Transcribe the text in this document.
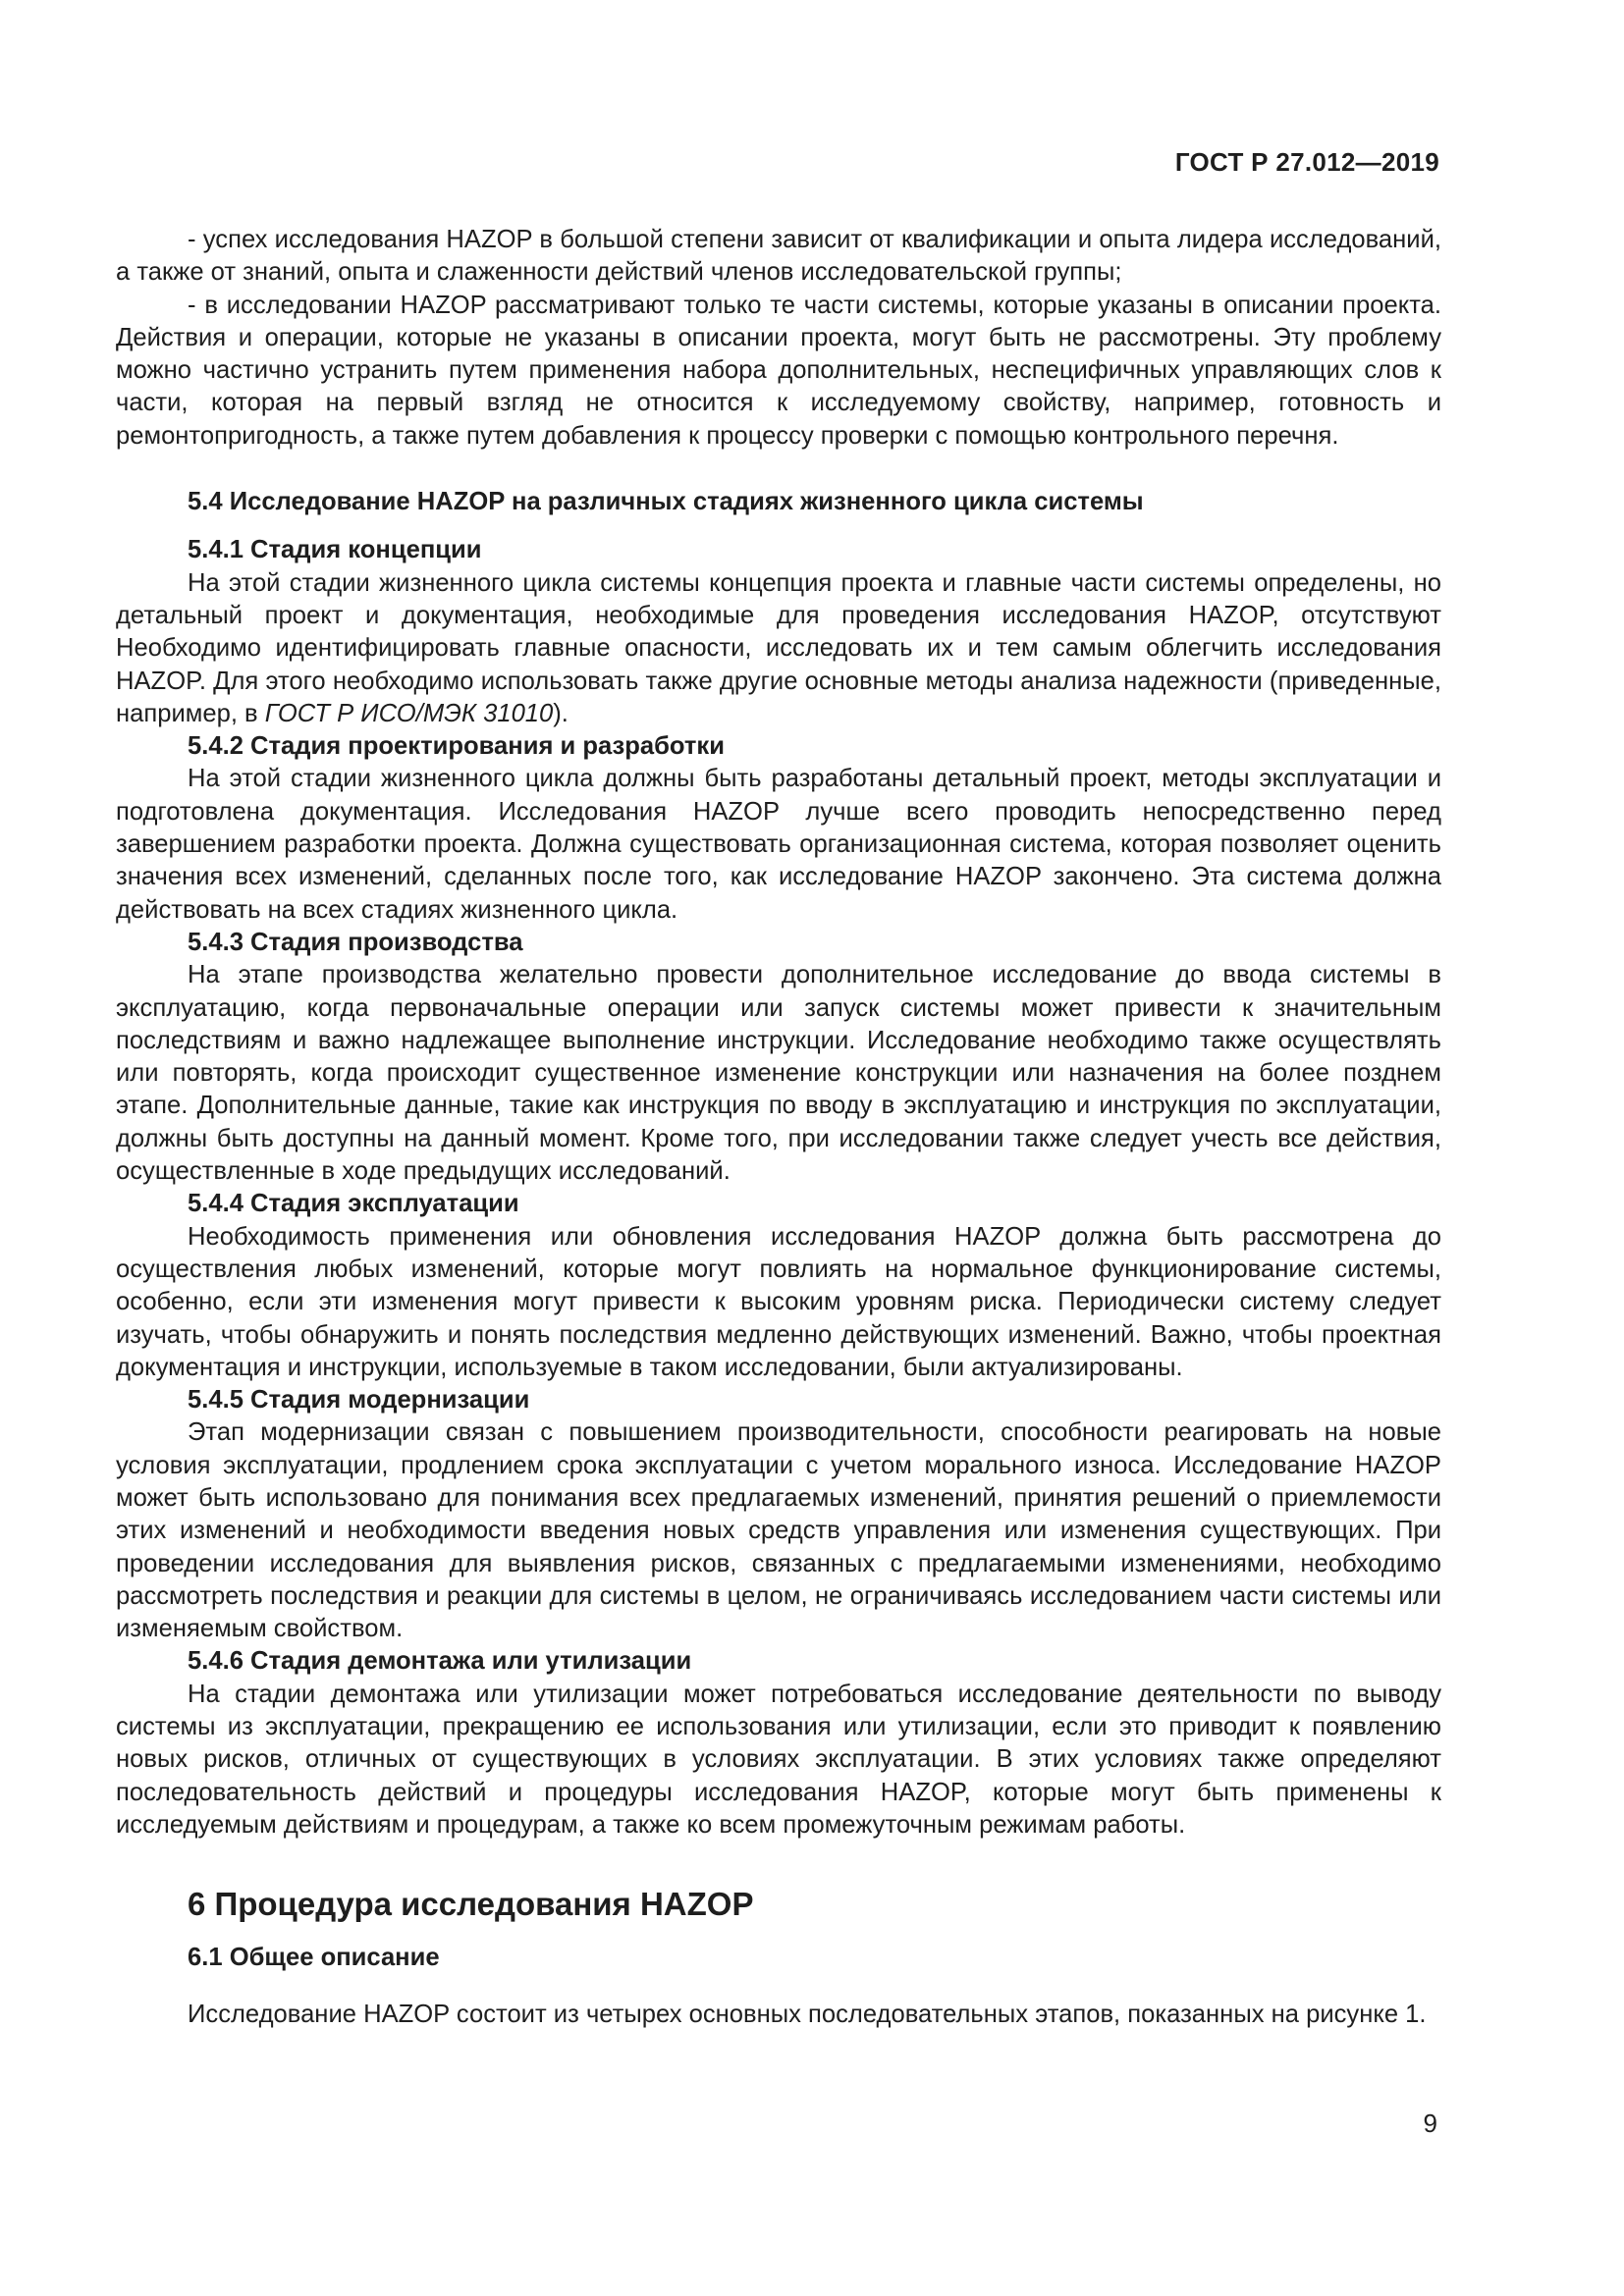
ГОСТ Р 27.012—2019

- успех исследования HAZOP в большой степени зависит от квалификации и опыта лидера исследований, а также от знаний, опыта и слаженности действий членов исследовательской группы;

- в исследовании HAZOP рассматривают только те части системы, которые указаны в описании проекта. Действия и операции, которые не указаны в описании проекта, могут быть не рассмотрены. Эту проблему можно частично устранить путем применения набора дополнительных, неспецифичных управляющих слов к части, которая на первый взгляд не относится к исследуемому свойству, например, готовность и ремонтопригодность, а также путем добавления к процессу проверки с помощью контрольного перечня.

5.4 Исследование HAZOP на различных стадиях жизненного цикла системы
5.4.1 Стадия концепции

На этой стадии жизненного цикла системы концепция проекта и главные части системы определены, но детальный проект и документация, необходимые для проведения исследования HAZOP, отсутствуют Необходимо идентифицировать главные опасности, исследовать их и тем самым облегчить исследования HAZOP. Для этого необходимо использовать также другие основные методы анализа надежности (приведенные, например, в ГОСТ Р ИСО/МЭК 31010).

5.4.2 Стадия проектирования и разработки

На этой стадии жизненного цикла должны быть разработаны детальный проект, методы эксплуатации и подготовлена документация. Исследования HAZOP лучше всего проводить непосредственно перед завершением разработки проекта. Должна существовать организационная система, которая позволяет оценить значения всех изменений, сделанных после того, как исследование HAZOP закончено. Эта система должна действовать на всех стадиях жизненного цикла.

5.4.3 Стадия производства

На этапе производства желательно провести дополнительное исследование до ввода системы в эксплуатацию, когда первоначальные операции или запуск системы может привести к значительным последствиям и важно надлежащее выполнение инструкции. Исследование необходимо также осуществлять или повторять, когда происходит существенное изменение конструкции или назначения на более позднем этапе. Дополнительные данные, такие как инструкция по вводу в эксплуатацию и инструкция по эксплуатации, должны быть доступны на данный момент. Кроме того, при исследовании также следует учесть все действия, осуществленные в ходе предыдущих исследований.

5.4.4 Стадия эксплуатации

Необходимость применения или обновления исследования HAZOP должна быть рассмотрена до осуществления любых изменений, которые могут повлиять на нормальное функционирование системы, особенно, если эти изменения могут привести к высоким уровням риска. Периодически систему следует изучать, чтобы обнаружить и понять последствия медленно действующих изменений. Важно, чтобы проектная документация и инструкции, используемые в таком исследовании, были актуализированы.

5.4.5 Стадия модернизации

Этап модернизации связан с повышением производительности, способности реагировать на новые условия эксплуатации, продлением срока эксплуатации с учетом морального износа. Исследование HAZOP может быть использовано для понимания всех предлагаемых изменений, принятия решений о приемлемости этих изменений и необходимости введения новых средств управления или изменения существующих. При проведении исследования для выявления рисков, связанных с предлагаемыми изменениями, необходимо рассмотреть последствия и реакции для системы в целом, не ограничиваясь исследованием части системы или изменяемым свойством.

5.4.6 Стадия демонтажа или утилизации

На стадии демонтажа или утилизации может потребоваться исследование деятельности по выводу системы из эксплуатации, прекращению ее использования или утилизации, если это приводит к появлению новых рисков, отличных от существующих в условиях эксплуатации. В этих условиях также определяют последовательность действий и процедуры исследования HAZOP, которые могут быть применены к исследуемым действиям и процедурам, а также ко всем промежуточным режимам работы.

6 Процедура исследования HAZOP
6.1 Общее описание

Исследование HAZOP состоит из четырех основных последовательных этапов, показанных на рисунке 1.

9
